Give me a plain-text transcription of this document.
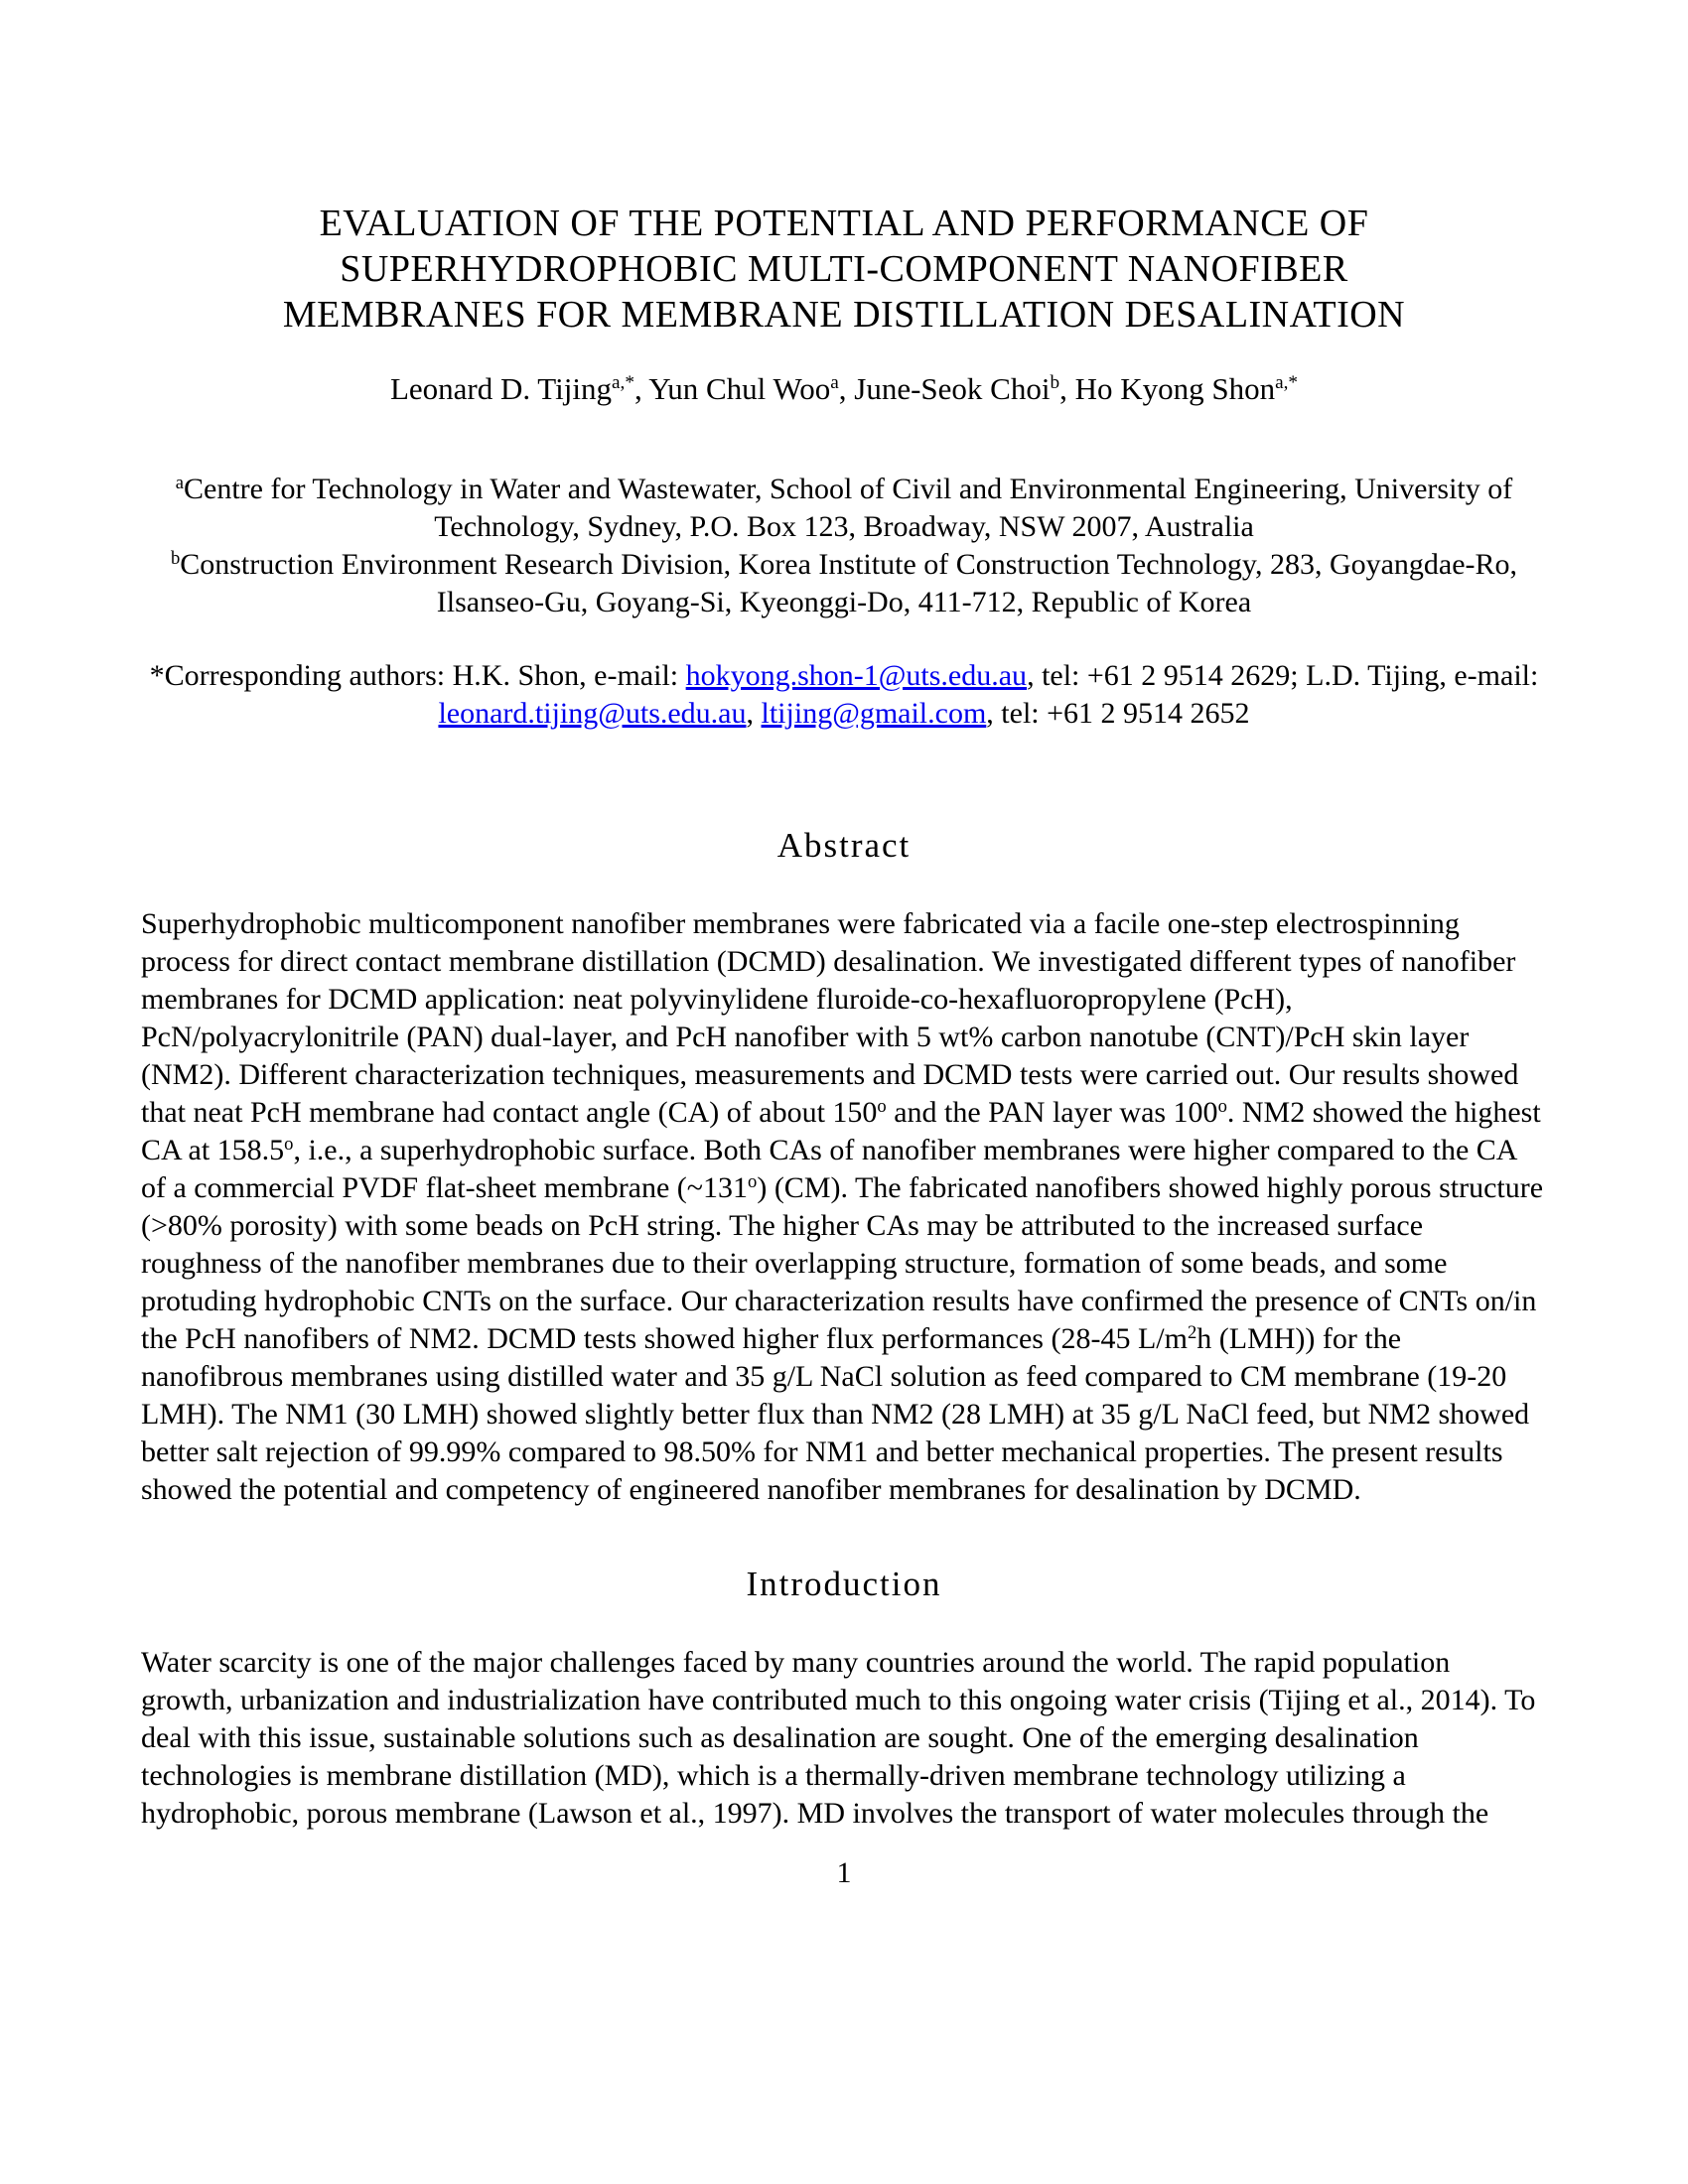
EVALUATION OF THE POTENTIAL AND PERFORMANCE OF
SUPERHYDROPHOBIC MULTI-COMPONENT NANOFIBER
MEMBRANES FOR MEMBRANE DISTILLATION DESALINATION
Leonard D. Tijing$^{a,*}$, Yun Chul Woo$^a$, June-Seok Choi$^b$, Ho Kyong Shon$^{a,*}$
$^a$Centre for Technology in Water and Wastewater, School of Civil and Environmental Engineering, University of Technology, Sydney, P.O. Box 123, Broadway, NSW 2007, Australia
$^b$Construction Environment Research Division, Korea Institute of Construction Technology, 283, Goyangdae-Ro, Ilsanseo-Gu, Goyang-Si, Kyeonggi-Do, 411-712, Republic of Korea
*Corresponding authors: H.K. Shon, e-mail: hokyong.shon-1@uts.edu.au, tel: +61 2 9514 2629; L.D. Tijing, e-mail: leonard.tijing@uts.edu.au, ltijing@gmail.com, tel: +61 2 9514 2652
Abstract

Superhydrophobic multicomponent nanofiber membranes were fabricated via a facile one-step electrospinning process for direct contact membrane distillation (DCMD) desalination. We investigated different types of nanofiber membranes for DCMD application: neat polyvinylidene fluroide-co-hexafluoropropylene (PcH), PcN/polyacrylonitrile (PAN) dual-layer, and PcH nanofiber with 5 wt% carbon nanotube (CNT)/PcH skin layer (NM2). Different characterization techniques, measurements and DCMD tests were carried out. Our results showed that neat PcH membrane had contact angle (CA) of about 150$^o$ and the PAN layer was 100$^o$. NM2 showed the highest CA at 158.5$^o$, i.e., a superhydrophobic surface. Both CAs of nanofiber membranes were higher compared to the CA of a commercial PVDF flat-sheet membrane (~131$^o$) (CM). The fabricated nanofibers showed highly porous structure (>80% porosity) with some beads on PcH string. The higher CAs may be attributed to the increased surface roughness of the nanofiber membranes due to their overlapping structure, formation of some beads, and some protuding hydrophobic CNTs on the surface. Our characterization results have confirmed the presence of CNTs on/in the PcH nanofibers of NM2. DCMD tests showed higher flux performances (28-45 $L/m^2h$ (LMH)) for the nanofibrous membranes using distilled water and 35 g/L NaCl solution as feed compared to CM membrane (19-20 LMH). The NM1 (30 LMH) showed slightly better flux than NM2 (28 LMH) at 35 g/L NaCl feed, but NM2 showed better salt rejection of 99.99% compared to 98.50% for NM1 and better mechanical properties. The present results showed the potential and competency of engineered nanofiber membranes for desalination by DCMD.

Introduction

Water scarcity is one of the major challenges faced by many countries around the world. The rapid population growth, urbanization and industrialization have contributed much to this ongoing water crisis (Tijing et al., 2014). To deal with this issue, sustainable solutions such as desalination are sought. One of the emerging desalination technologies is membrane distillation (MD), which is a thermally-driven membrane technology utilizing a hydrophobic, porous membrane (Lawson et al., 1997). MD involves the transport of water molecules through the

1
